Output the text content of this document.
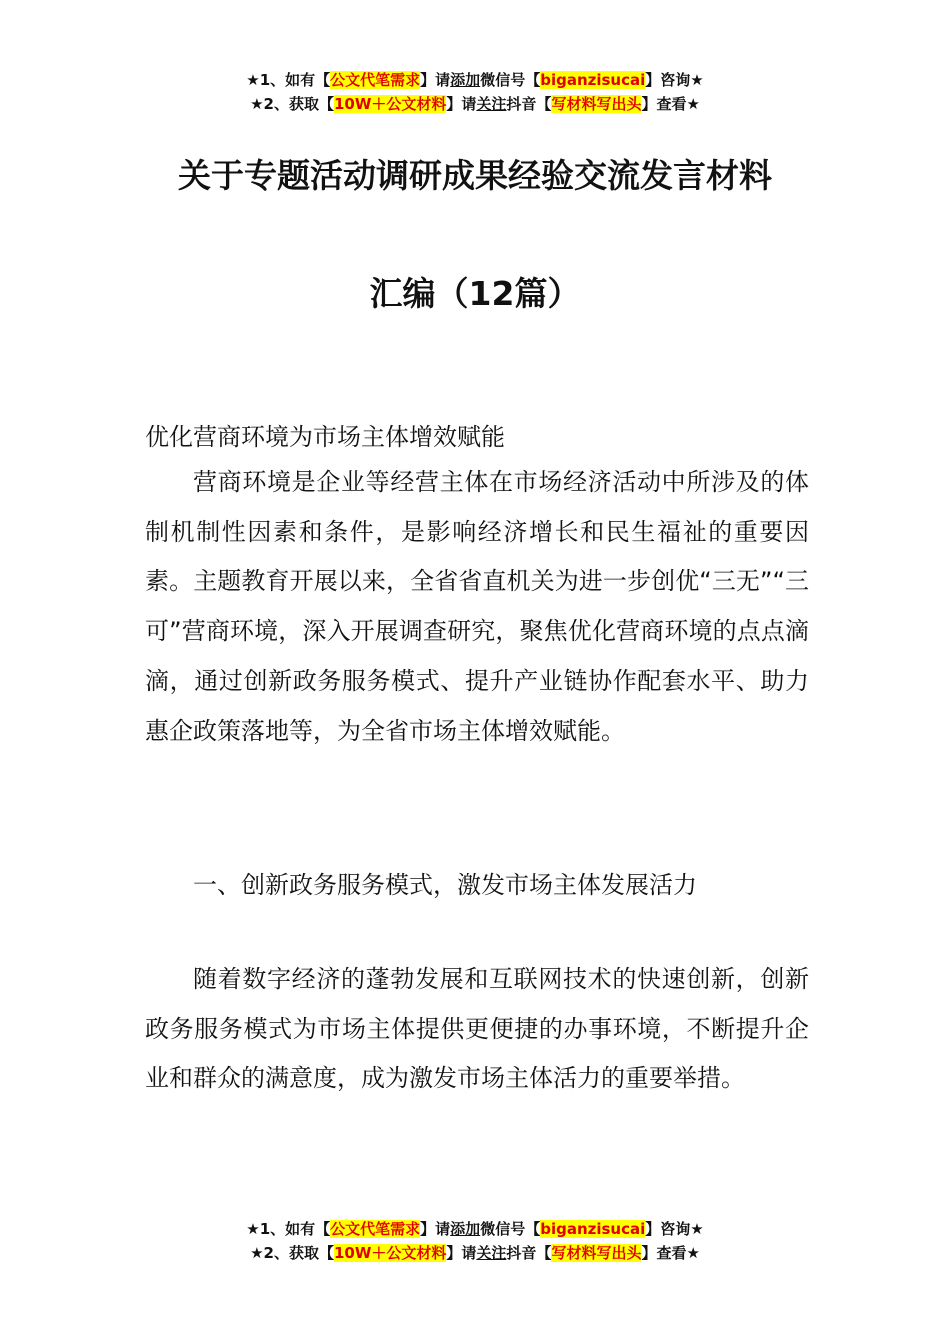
★1、如有【公文代笔需求】请添加微信号【biganzisucai】咨询★
★2、获取【10W＋公文材料】请关注抖音【写材料写出头】查看★
关于专题活动调研成果经验交流发言材料
汇编（12篇）
优化营商环境为市场主体增效赋能
营商环境是企业等经营主体在市场经济活动中所涉及的体制机制性因素和条件，是影响经济增长和民生福祉的重要因素。主题教育开展以来，全省省直机关为进一步创优“三无”“三可”营商环境，深入开展调查研究，聚焦优化营商环境的点点滴滴，通过创新政务服务模式、提升产业链协作配套水平、助力惠企政策落地等，为全省市场主体增效赋能。
一、创新政务服务模式，激发市场主体发展活力
随着数字经济的蓬勃发展和互联网技术的快速创新，创新政务服务模式为市场主体提供更便捷的办事环境，不断提升企业和群众的满意度，成为激发市场主体活力的重要举措。
★1、如有【公文代笔需求】请添加微信号【biganzisucai】咨询★
★2、获取【10W＋公文材料】请关注抖音【写材料写出头】查看★
